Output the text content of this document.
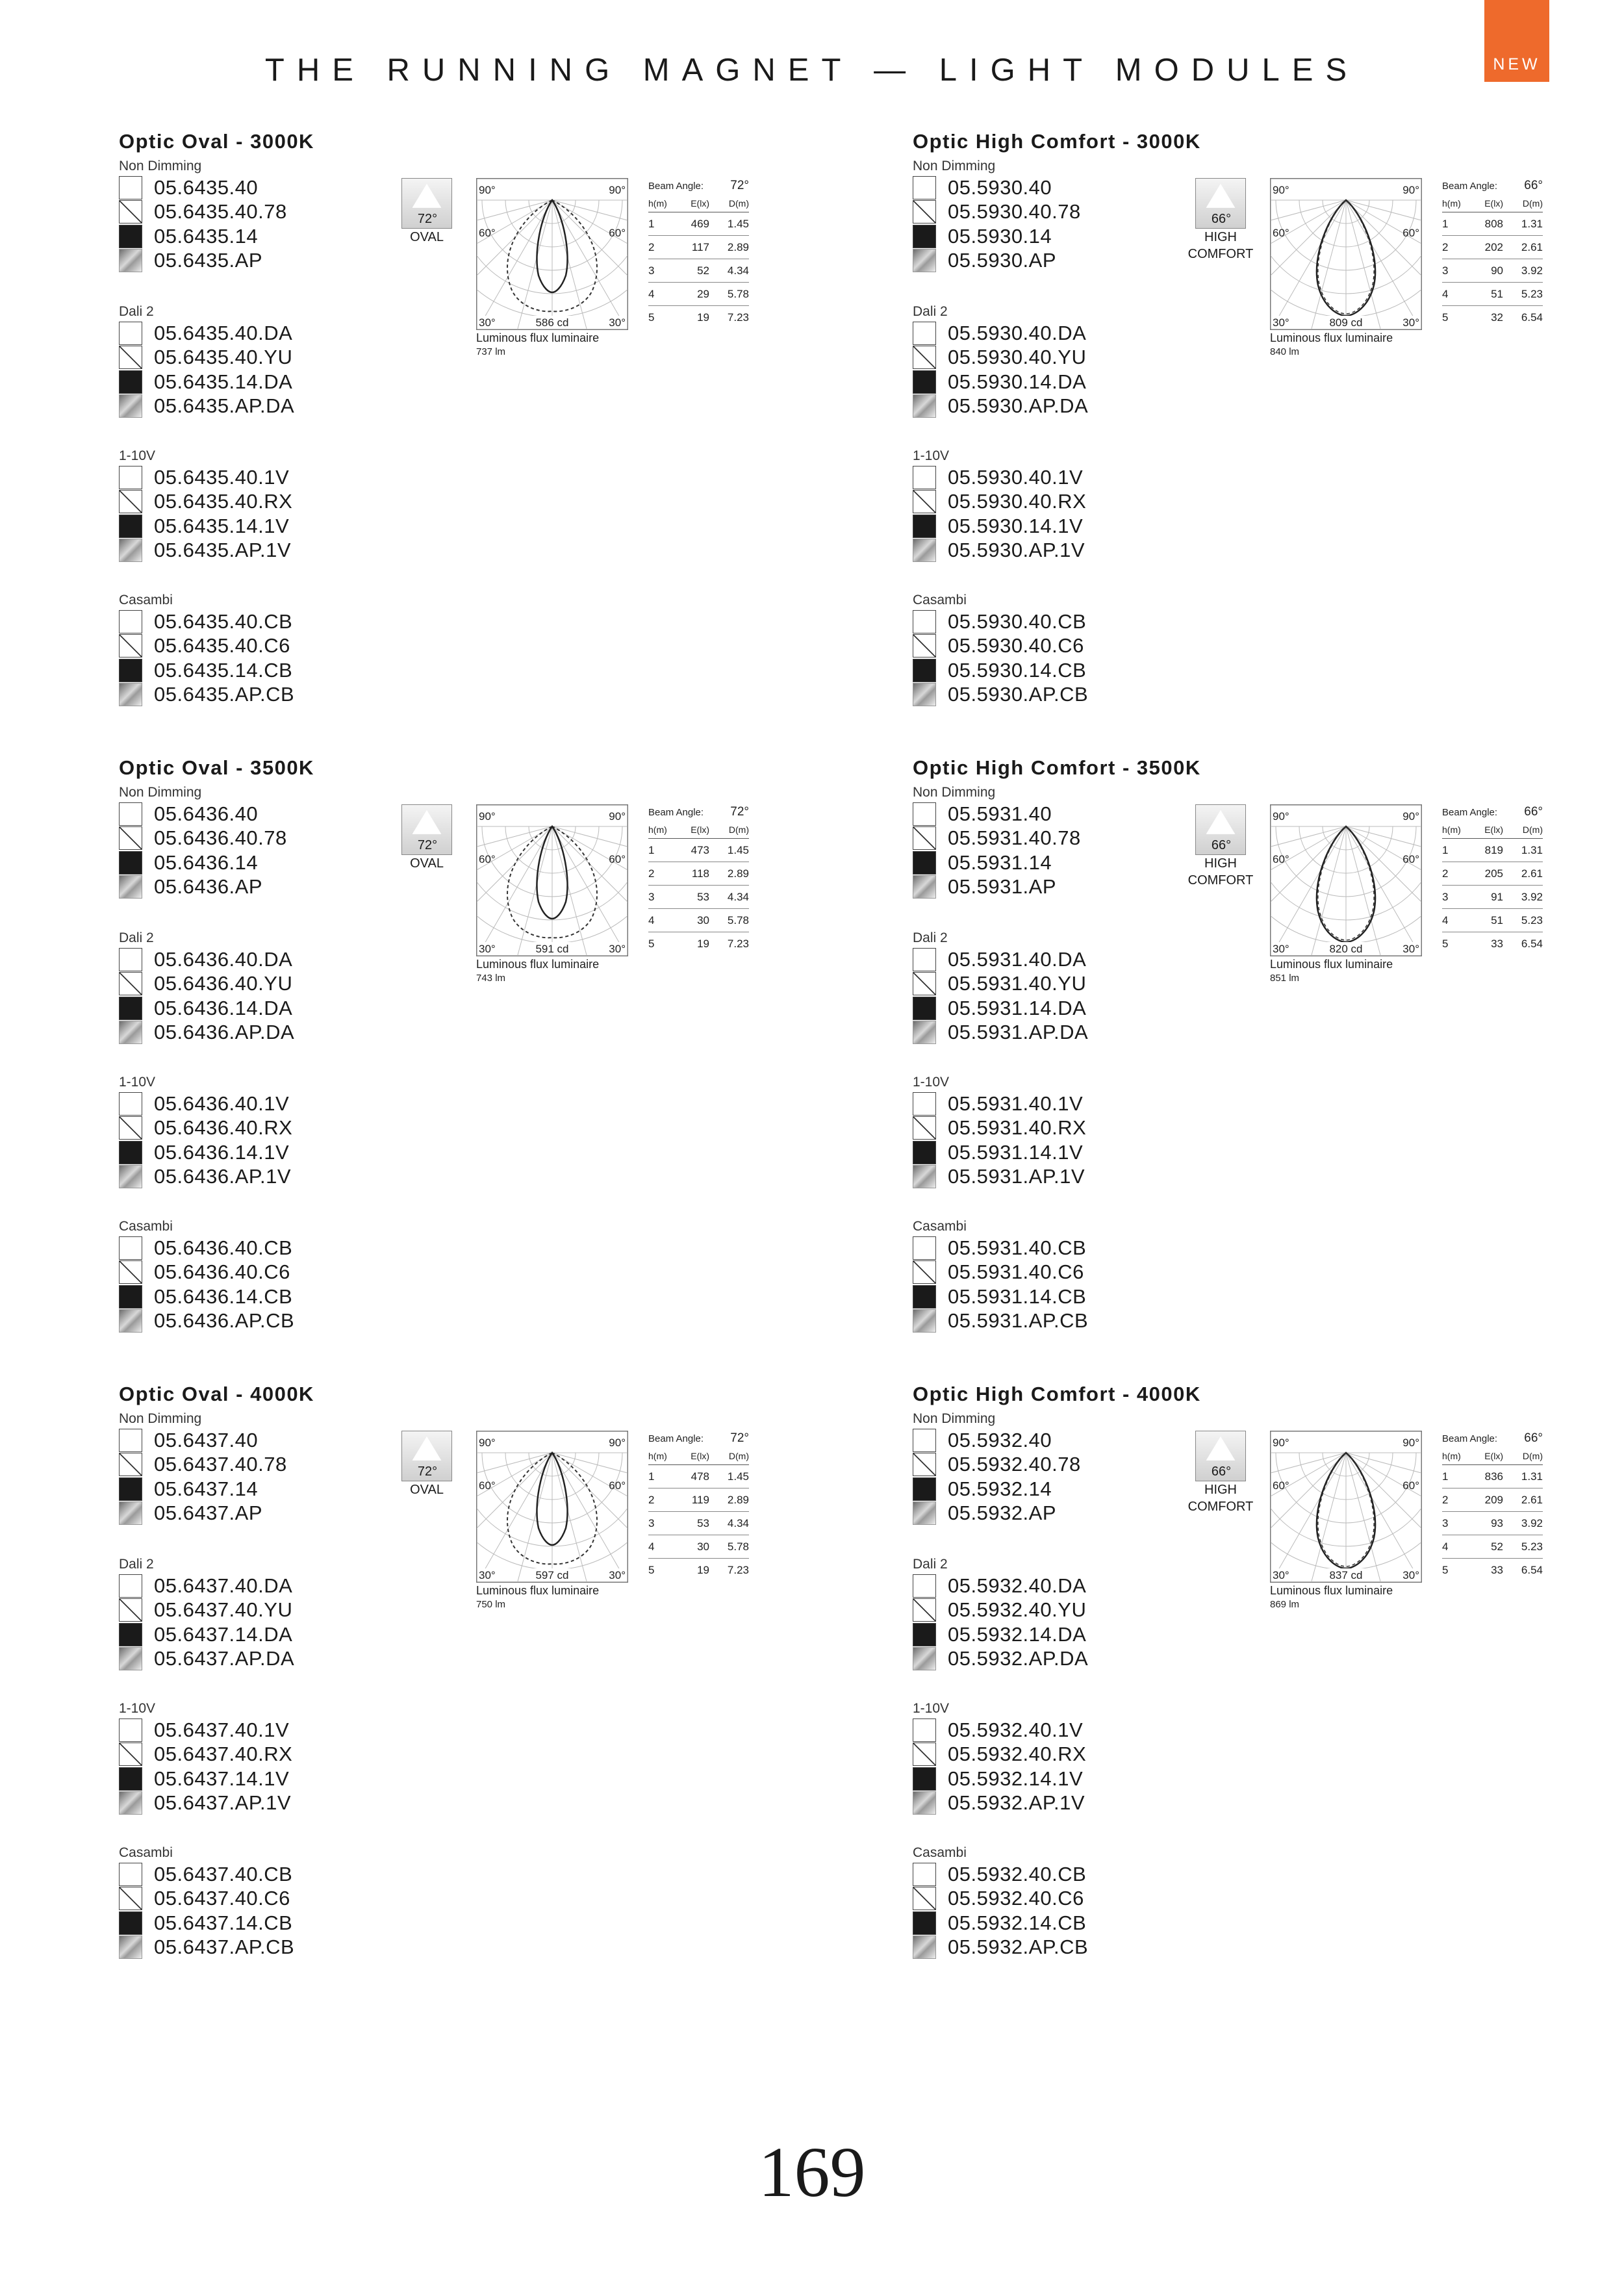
THE RUNNING MAGNET — LIGHT MODULES	NEW
Optic Oval - 3000K
Non Dimming
05.6435.40
05.6435.40.78
05.6435.14
05.6435.AP
Dali 2
05.6435.40.DA
05.6435.40.YU
05.6435.14.DA
05.6435.AP.DA
1-10V
05.6435.40.1V
05.6435.40.RX
05.6435.14.1V
05.6435.AP.1V
Casambi
05.6435.40.CB
05.6435.40.C6
05.6435.14.CB
05.6435.AP.CB
72°
OVAL
90°	90°
60°	60°
30°	30°
586 cd
Luminous flux luminaire
737 lm
Beam Angle: 72°
h(m)	E(lx)	D(m)
1	469	1.45
2	117	2.89
3	52	4.34
4	29	5.78
5	19	7.23
Optic High Comfort - 3000K
Non Dimming
05.5930.40
05.5930.40.78
05.5930.14
05.5930.AP
Dali 2
05.5930.40.DA
05.5930.40.YU
05.5930.14.DA
05.5930.AP.DA
1-10V
05.5930.40.1V
05.5930.40.RX
05.5930.14.1V
05.5930.AP.1V
Casambi
05.5930.40.CB
05.5930.40.C6
05.5930.14.CB
05.5930.AP.CB
66°
HIGH
COMFORT
90°	90°
60°	60°
30°	30°
809 cd
Luminous flux luminaire
840 lm
Beam Angle: 66°
h(m)	E(lx)	D(m)
1	808	1.31
2	202	2.61
3	90	3.92
4	51	5.23
5	32	6.54
Optic Oval - 3500K
Non Dimming
05.6436.40
05.6436.40.78
05.6436.14
05.6436.AP
Dali 2
05.6436.40.DA
05.6436.40.YU
05.6436.14.DA
05.6436.AP.DA
1-10V
05.6436.40.1V
05.6436.40.RX
05.6436.14.1V
05.6436.AP.1V
Casambi
05.6436.40.CB
05.6436.40.C6
05.6436.14.CB
05.6436.AP.CB
72°
OVAL
90°	90°
60°	60°
30°	30°
591 cd
Luminous flux luminaire
743 lm
Beam Angle: 72°
h(m)	E(lx)	D(m)
1	473	1.45
2	118	2.89
3	53	4.34
4	30	5.78
5	19	7.23
Optic High Comfort - 3500K
Non Dimming
05.5931.40
05.5931.40.78
05.5931.14
05.5931.AP
Dali 2
05.5931.40.DA
05.5931.40.YU
05.5931.14.DA
05.5931.AP.DA
1-10V
05.5931.40.1V
05.5931.40.RX
05.5931.14.1V
05.5931.AP.1V
Casambi
05.5931.40.CB
05.5931.40.C6
05.5931.14.CB
05.5931.AP.CB
66°
HIGH
COMFORT
90°	90°
60°	60°
30°	30°
820 cd
Luminous flux luminaire
851 lm
Beam Angle: 66°
h(m)	E(lx)	D(m)
1	819	1.31
2	205	2.61
3	91	3.92
4	51	5.23
5	33	6.54
Optic Oval - 4000K
Non Dimming
05.6437.40
05.6437.40.78
05.6437.14
05.6437.AP
Dali 2
05.6437.40.DA
05.6437.40.YU
05.6437.14.DA
05.6437.AP.DA
1-10V
05.6437.40.1V
05.6437.40.RX
05.6437.14.1V
05.6437.AP.1V
Casambi
05.6437.40.CB
05.6437.40.C6
05.6437.14.CB
05.6437.AP.CB
72°
OVAL
90°	90°
60°	60°
30°	30°
597 cd
Luminous flux luminaire
750 lm
Beam Angle: 72°
h(m)	E(lx)	D(m)
1	478	1.45
2	119	2.89
3	53	4.34
4	30	5.78
5	19	7.23
Optic High Comfort - 4000K
Non Dimming
05.5932.40
05.5932.40.78
05.5932.14
05.5932.AP
Dali 2
05.5932.40.DA
05.5932.40.YU
05.5932.14.DA
05.5932.AP.DA
1-10V
05.5932.40.1V
05.5932.40.RX
05.5932.14.1V
05.5932.AP.1V
Casambi
05.5932.40.CB
05.5932.40.C6
05.5932.14.CB
05.5932.AP.CB
66°
HIGH
COMFORT
90°	90°
60°	60°
30°	30°
837 cd
Luminous flux luminaire
869 lm
Beam Angle: 66°
h(m)	E(lx)	D(m)
1	836	1.31
2	209	2.61
3	93	3.92
4	52	5.23
5	33	6.54
169
